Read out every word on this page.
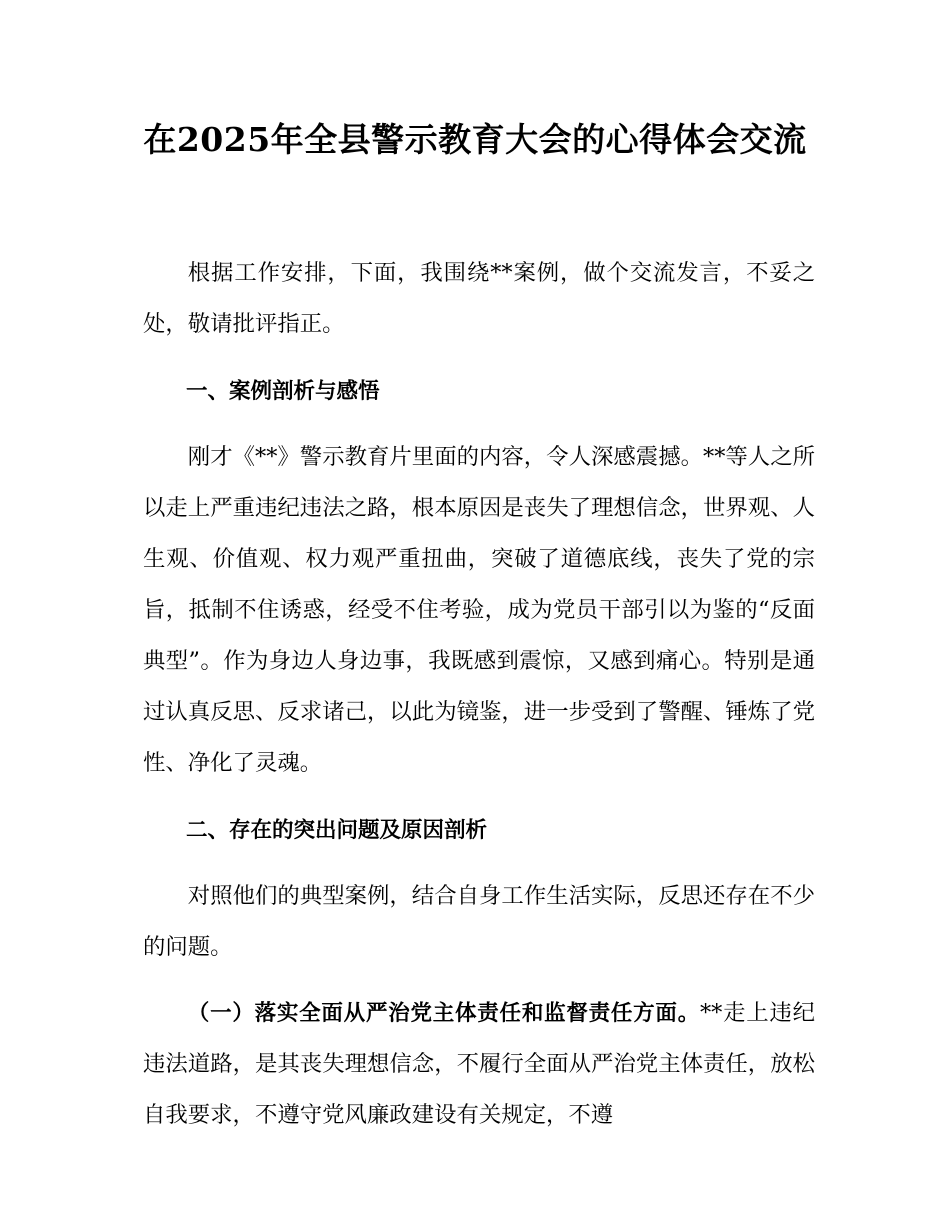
在2025年全县警示教育大会的心得体会交流

根据工作安排，下面，我围绕**案例，做个交流发言，不妥之处，敬请批评指正。

一、案例剖析与感悟

刚才《**》警示教育片里面的内容，令人深感震撼。**等人之所以走上严重违纪违法之路，根本原因是丧失了理想信念，世界观、人生观、价值观、权力观严重扭曲，突破了道德底线，丧失了党的宗旨，抵制不住诱惑，经受不住考验，成为党员干部引以为鉴的“反面典型”。作为身边人身边事，我既感到震惊，又感到痛心。特别是通过认真反思、反求诸己，以此为镜鉴，进一步受到了警醒、锤炼了党性、净化了灵魂。

二、存在的突出问题及原因剖析

对照他们的典型案例，结合自身工作生活实际，反思还存在不少的问题。

（一）落实全面从严治党主体责任和监督责任方面。**走上违纪违法道路，是其丧失理想信念，不履行全面从严治党主体责任，放松自我要求，不遵守党风廉政建设有关规定，不遵
